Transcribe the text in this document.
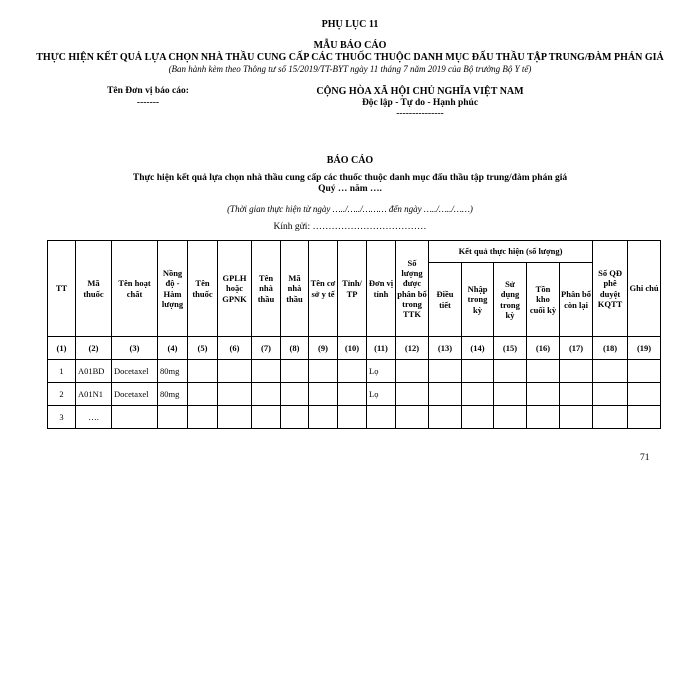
PHỤ LỤC 11
MẪU BÁO CÁO
THỰC HIỆN KẾT QUẢ LỰA CHỌN NHÀ THẦU CUNG CẤP CÁC THUỐC THUỘC DANH MỤC ĐẤU THẦU TẬP TRUNG/ĐÀM PHÁN GIÁ
(Ban hành kèm theo Thông tư số 15/2019/TT-BYT ngày 11 tháng 7 năm 2019 của Bộ trưởng Bộ Y tế)
Tên Đơn vị báo cáo:
-------
CỘNG HÒA XÃ HỘI CHỦ NGHĨA VIỆT NAM
Độc lập - Tự do - Hạnh phúc
---------------
BÁO CÁO
Thực hiện kết quả lựa chọn nhà thầu cung cấp các thuốc thuộc danh mục đấu thầu tập trung/đàm phán giá
Quý … năm ….
(Thời gian thực hiện từ ngày …../…../……… đến ngày …../…../……)
Kính gửi: ………………………………
TT	Mã thuốc	Tên hoạt chất	Nồng độ - Hàm lượng	Tên thuốc	GPLH hoặc GPNK	Tên nhà thầu	Mã nhà thầu	Tên cơ sở y tế	Tỉnh/ TP	Đơn vị tính	Số lượng được phân bổ trong TTK	Kết quả thực hiện (số lượng)					Số QĐ phê duyệt KQTT	Ghi chú
												Điều tiết	Nhập trong kỳ	Sử dụng trong kỳ	Tồn kho cuối kỳ	Phân bổ còn lại		
(1)	(2)	(3)	(4)	(5)	(6)	(7)	(8)	(9)	(10)	(11)	(12)	(13)	(14)	(15)	(16)	(17)	(18)	(19)
1	A01BD	Docetaxel	80mg							Lọ								
2	A01N1	Docetaxel	80mg							Lọ								
3	….																	
71
